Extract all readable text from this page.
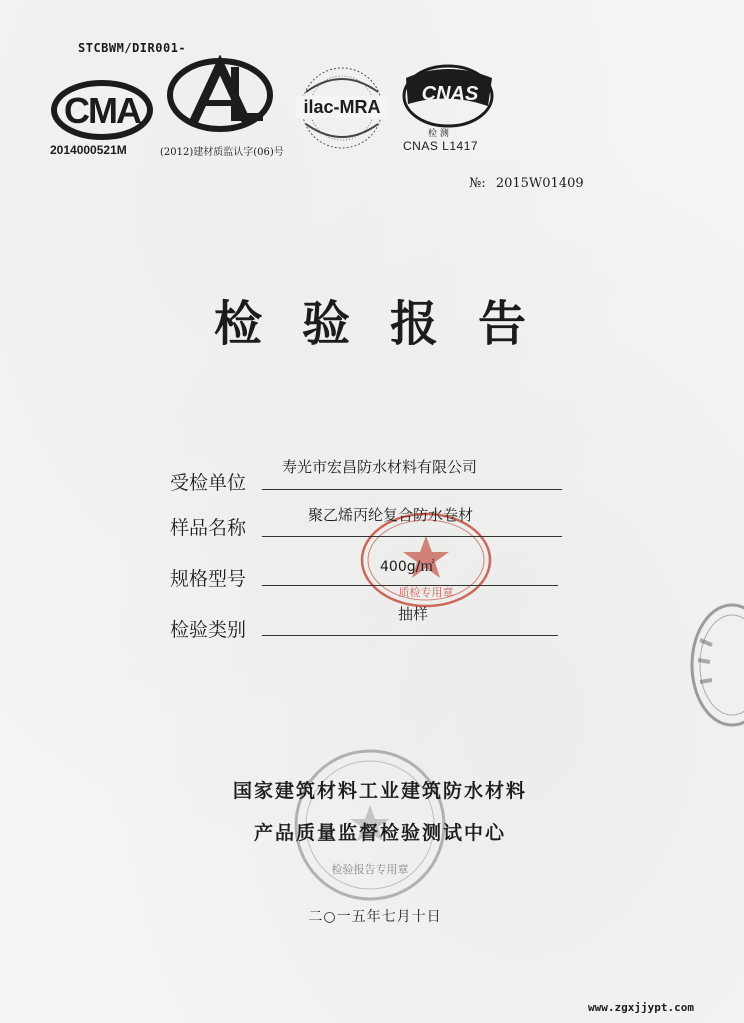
STCBWM/DIR001-
CMA
2014000521M	(2012)建材质监认字(06)号
ilac-MRA
CNAS
检 测
CNAS L1417
№: 2015W01409
检验报告
质检专用章
受检单位
寿光市宏昌防水材料有限公司
样品名称
聚乙烯丙纶复合防水卷材
规格型号
400g/㎡
检验类别
抽样
检验报告专用章
国家建筑材料工业建筑防水材料
产品质量监督检验测试中心
二○一五年七月十日
www.zgxjjypt.com
